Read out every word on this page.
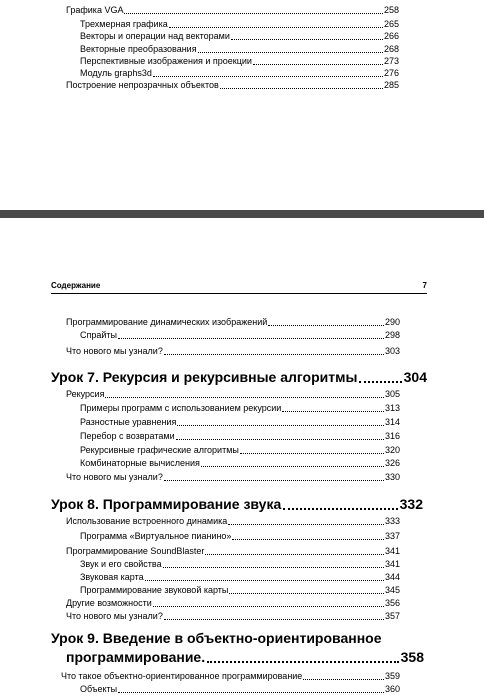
Графика VGA	258
Трехмерная графика	265
Векторы и операции над векторами	266
Векторные преобразования	268
Перспективные изображения и проекции	273
Модуль graphs3d	276
Построение непрозрачных объектов	285
Содержание	7
Программирование динамических изображений	290
Спрайты	298
Что нового мы узнали?	303
Урок 7. Рекурсия и рекурсивные алгоритмы	304
Рекурсия	305
Примеры программ с использованием рекурсии	313
Разностные уравнения	314
Перебор с возвратами	316
Рекурсивные графические алгоритмы	320
Комбинаторные вычисления	326
Что нового мы узнали?	330
Урок 8. Программирование звука	332
Использование встроенного динамика	333
Программа «Виртуальное пианино»	337
Программирование SoundBlaster	341
Звук и его свойства	341
Звуковая карта	344
Программирование звуковой карты	345
Другие возможности	356
Что нового мы узнали?	357
Урок 9. Введение в объектно-ориентированное
программирование.	358
Что такое объектно-ориентированное программирование	359
Объекты	360
